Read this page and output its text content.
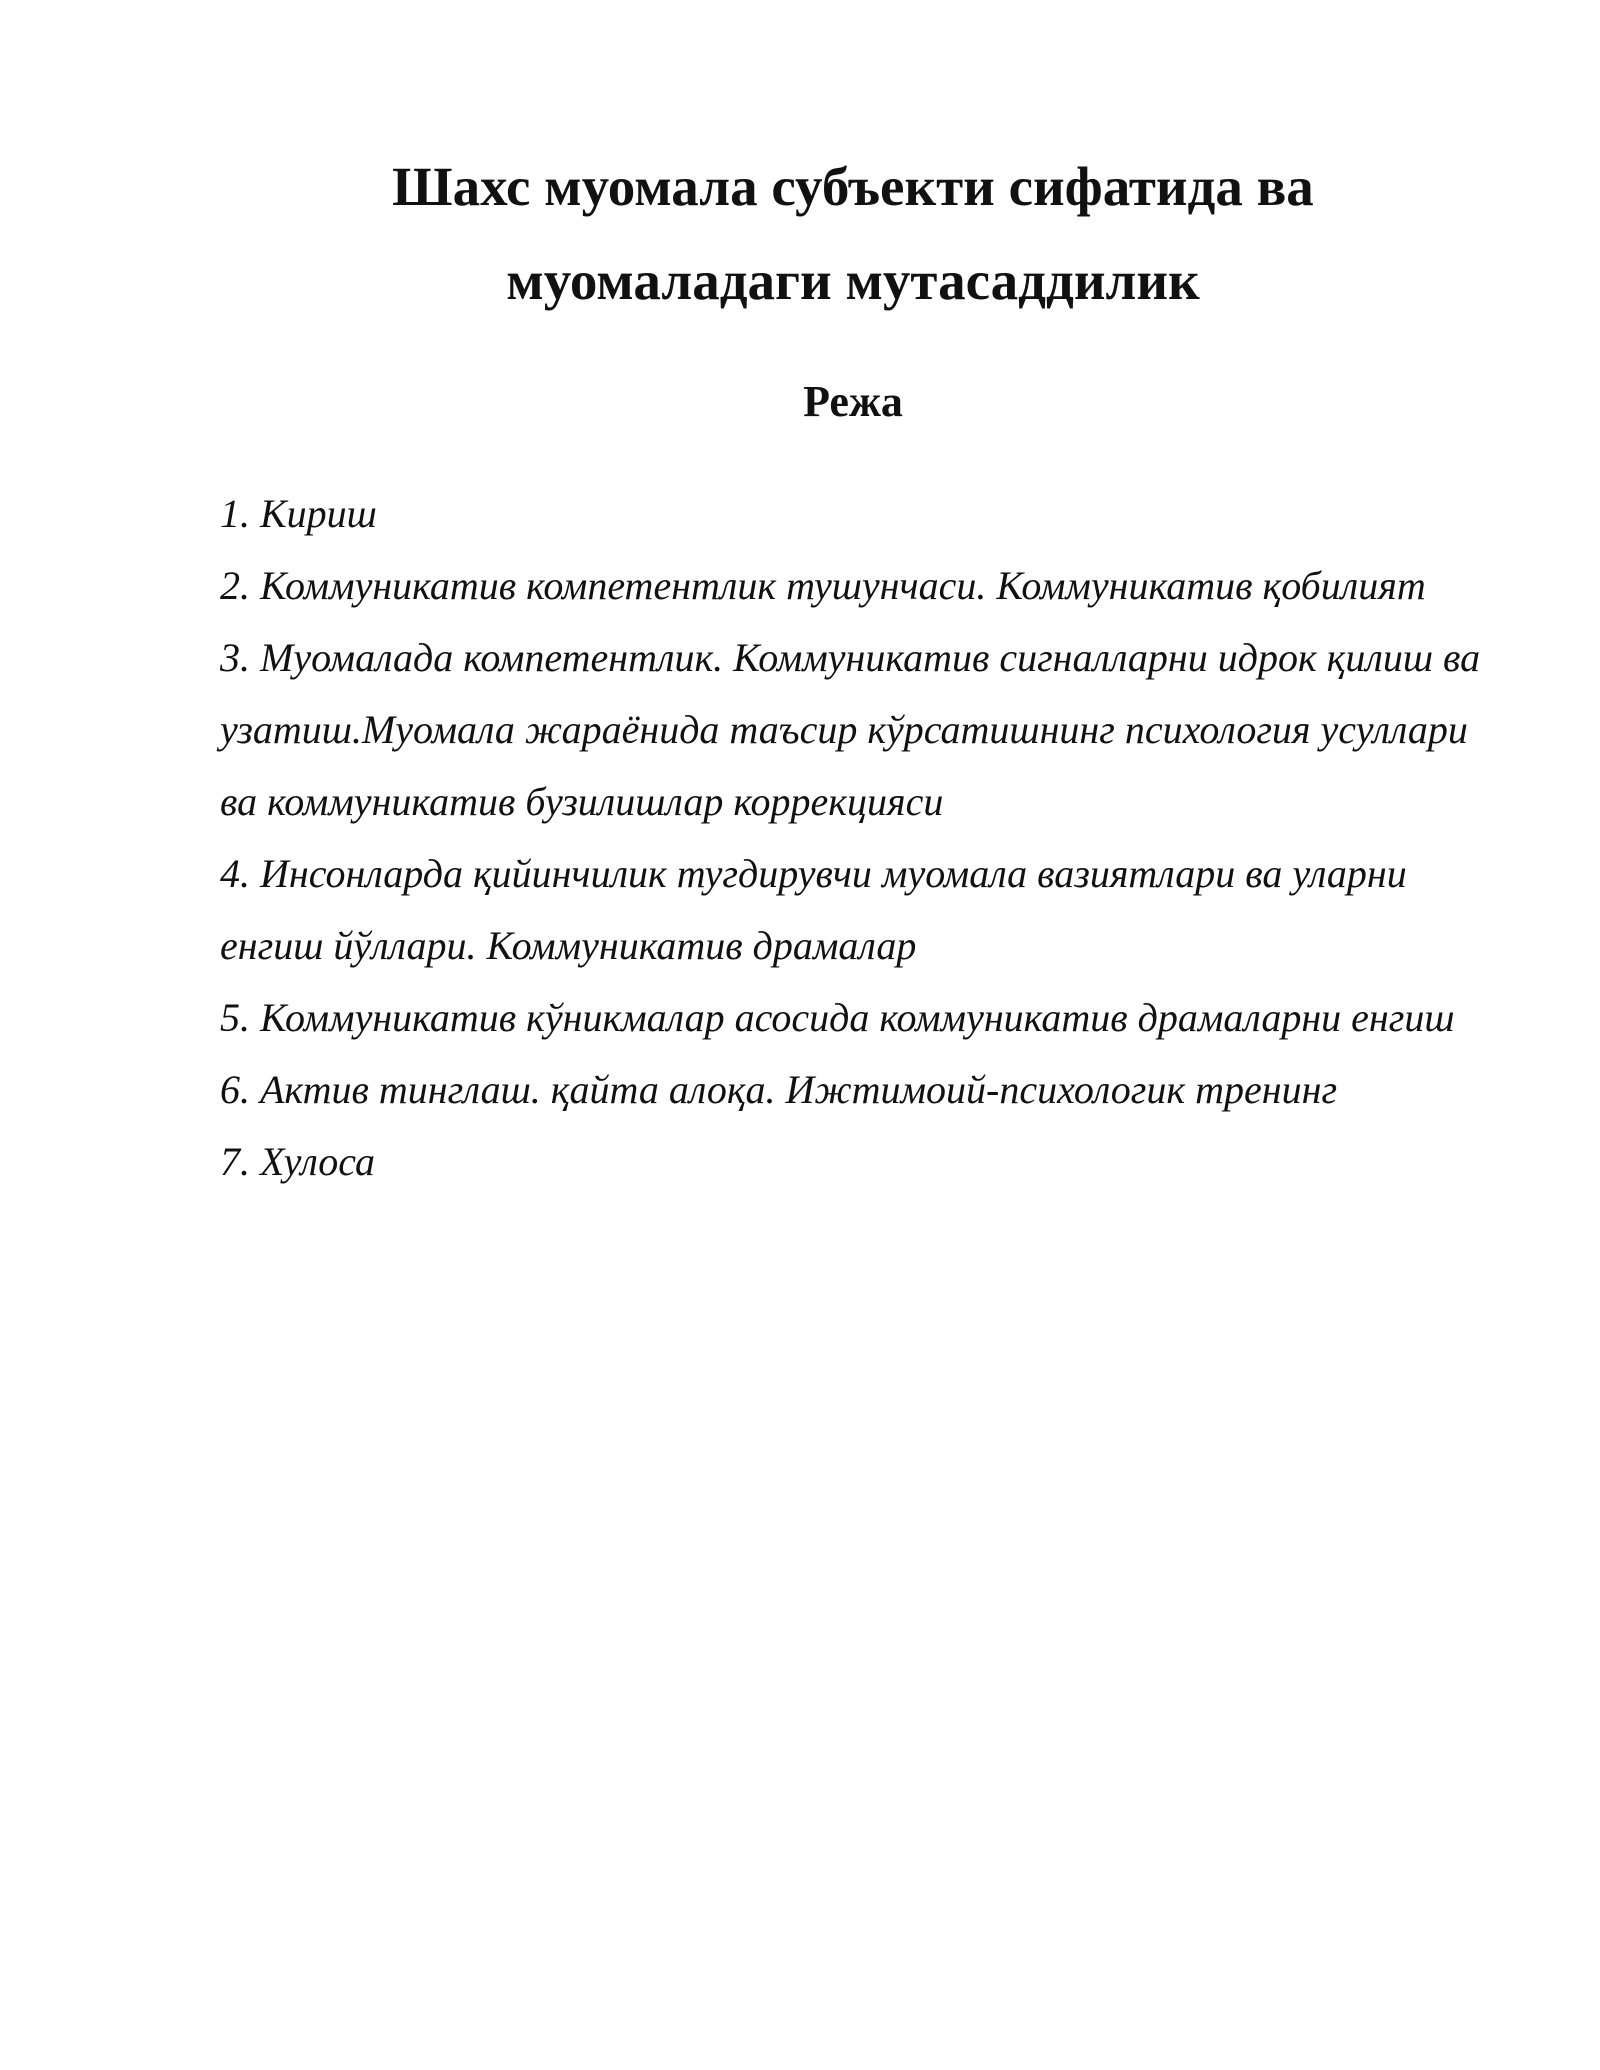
Шахс муомала субъекти сифатида ва
муомаладаги мутасаддилик
Режа
1. Кириш
2. Коммуникатив компетентлик тушунчаси. Коммуникатив қобилият
3. Муомалада компетентлик. Коммуникатив сигналларни идрок қилиш ва узатиш.Муомала жараёнида таъсир кўрсатишнинг психология усуллари ва коммуникатив бузилишлар коррекцияси
4. Инсонларда қийинчилик тугдирувчи муомала вазиятлари ва уларни енгиш йўллари. Коммуникатив драмалар
5. Коммуникатив кўникмалар асосида коммуникатив драмаларни енгиш
6. Актив тинглаш. қайта алоқа. Ижтимоий-психологик тренинг
7. Хулоса
